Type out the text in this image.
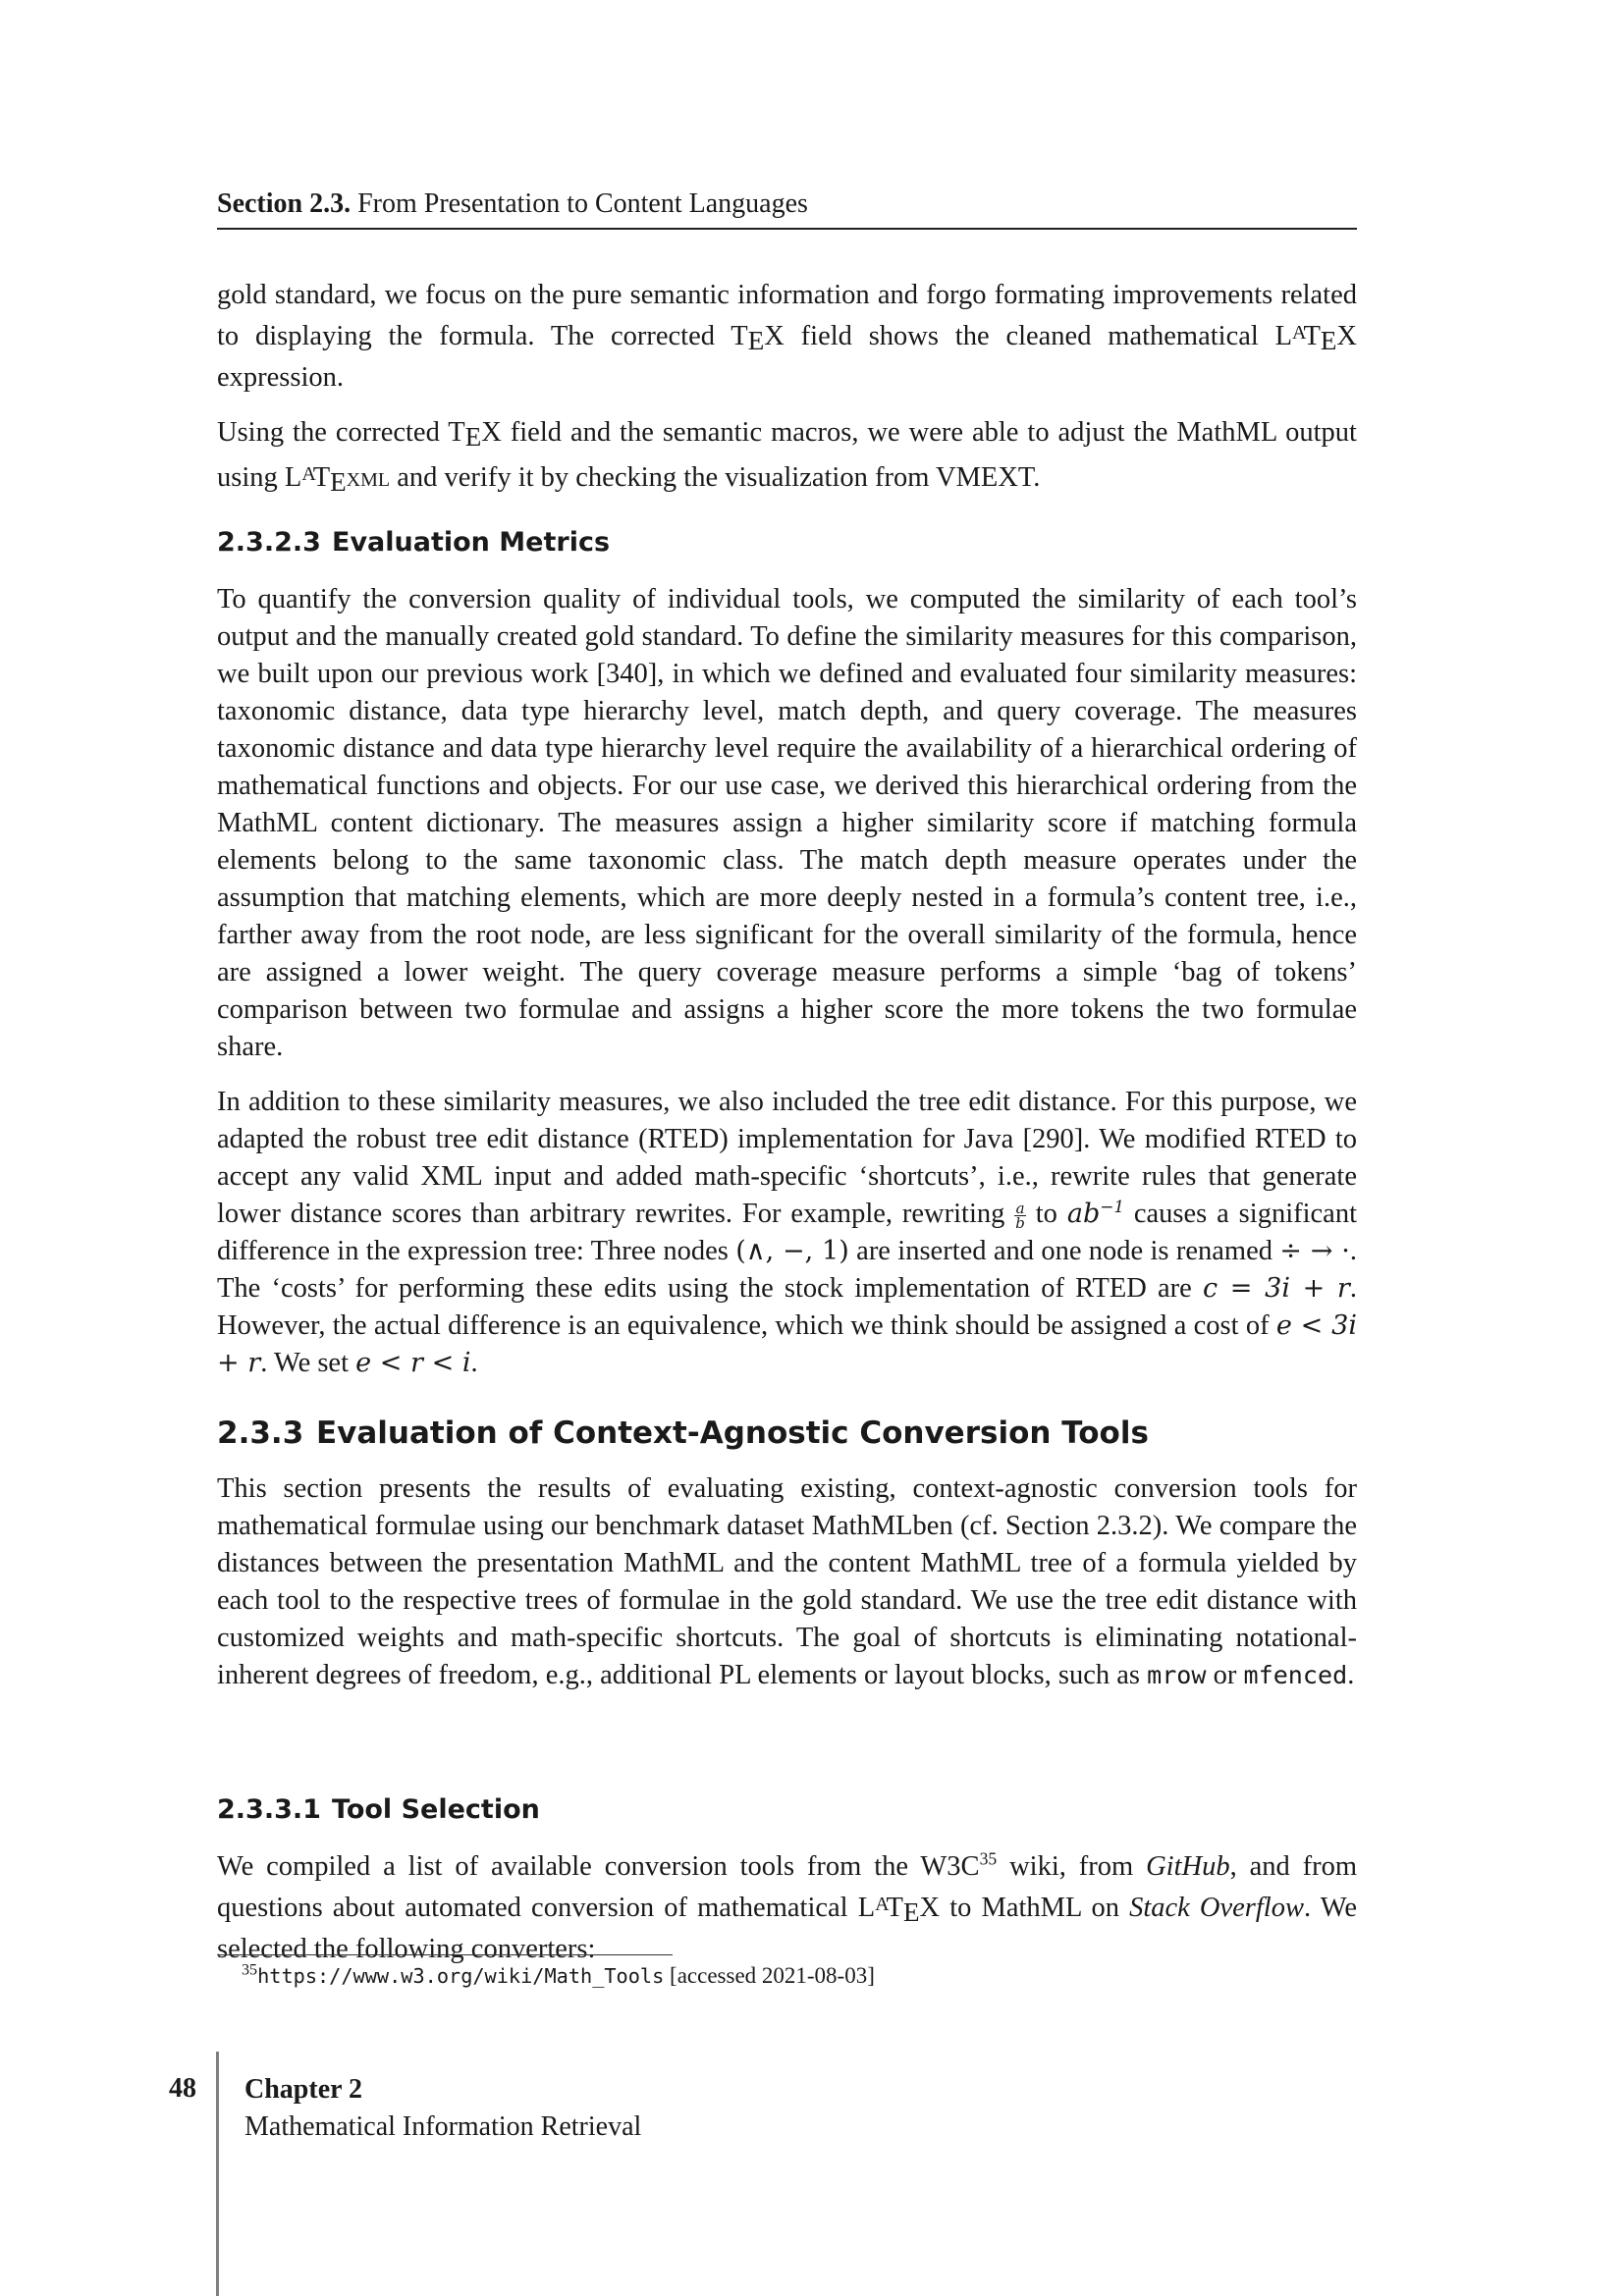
Section 2.3. From Presentation to Content Languages

gold standard, we focus on the pure semantic information and forgo formating improvements related to displaying the formula. The corrected TEX field shows the cleaned mathematical $L^ATEX$ expression.

Using the corrected TEX field and the semantic macros, we were able to adjust the MathML output using $L^ATExml$ and verify it by checking the visualization from VMEXT.

2.3.2.3 Evaluation Metrics

To quantify the conversion quality of individual tools, we computed the similarity of each tool’s output and the manually created gold standard. To define the similarity measures for this comparison, we built upon our previous work [340], in which we defined and evaluated four similarity measures: taxonomic distance, data type hierarchy level, match depth, and query coverage. The measures taxonomic distance and data type hierarchy level require the availability of a hierarchical ordering of mathematical functions and objects. For our use case, we derived this hierarchical ordering from the MathML content dictionary. The measures assign a higher similarity score if matching formula elements belong to the same taxonomic class. The match depth measure operates under the assumption that matching elements, which are more deeply nested in a formula’s content tree, i.e., farther away from the root node, are less significant for the overall similarity of the formula, hence are assigned a lower weight. The query coverage measure performs a simple ‘bag of tokens’ comparison between two formulae and assigns a higher score the more tokens the two formulae share.

In addition to these similarity measures, we also included the tree edit distance. For this purpose, we adapted the robust tree edit distance (RTED) implementation for Java [290]. We modified RTED to accept any valid XML input and added math-specific ‘shortcuts’, i.e., rewrite rules that generate lower distance scores than arbitrary rewrites. For example, rewriting $\frac{a}{b}$ to $ab^{-1}$ causes a significant difference in the expression tree: Three nodes (∧, −, 1) are inserted and one node is renamed ÷ → ·. The ‘costs’ for performing these edits using the stock implementation of RTED are c = 3i + r. However, the actual difference is an equivalence, which we think should be assigned a cost of e < 3i + r. We set e < r < i.

2.3.3 Evaluation of Context-Agnostic Conversion Tools

This section presents the results of evaluating existing, context-agnostic conversion tools for mathematical formulae using our benchmark dataset MathMLben (cf. Section 2.3.2). We compare the distances between the presentation MathML and the content MathML tree of a formula yielded by each tool to the respective trees of formulae in the gold standard. We use the tree edit distance with customized weights and math-specific shortcuts. The goal of shortcuts is eliminating notational-inherent degrees of freedom, e.g., additional PL elements or layout blocks, such as mrow or mfenced.

2.3.3.1 Tool Selection

We compiled a list of available conversion tools from the $W3C^{35}$ wiki, from GitHub, and from questions about automated conversion of mathematical $L^ATEX$ to MathML on Stack Overflow. We selected the following converters:

$^{35}$https://www.w3.org/wiki/Math_Tools [accessed 2021-08-03]
48 Chapter 2
Mathematical Information Retrieval
